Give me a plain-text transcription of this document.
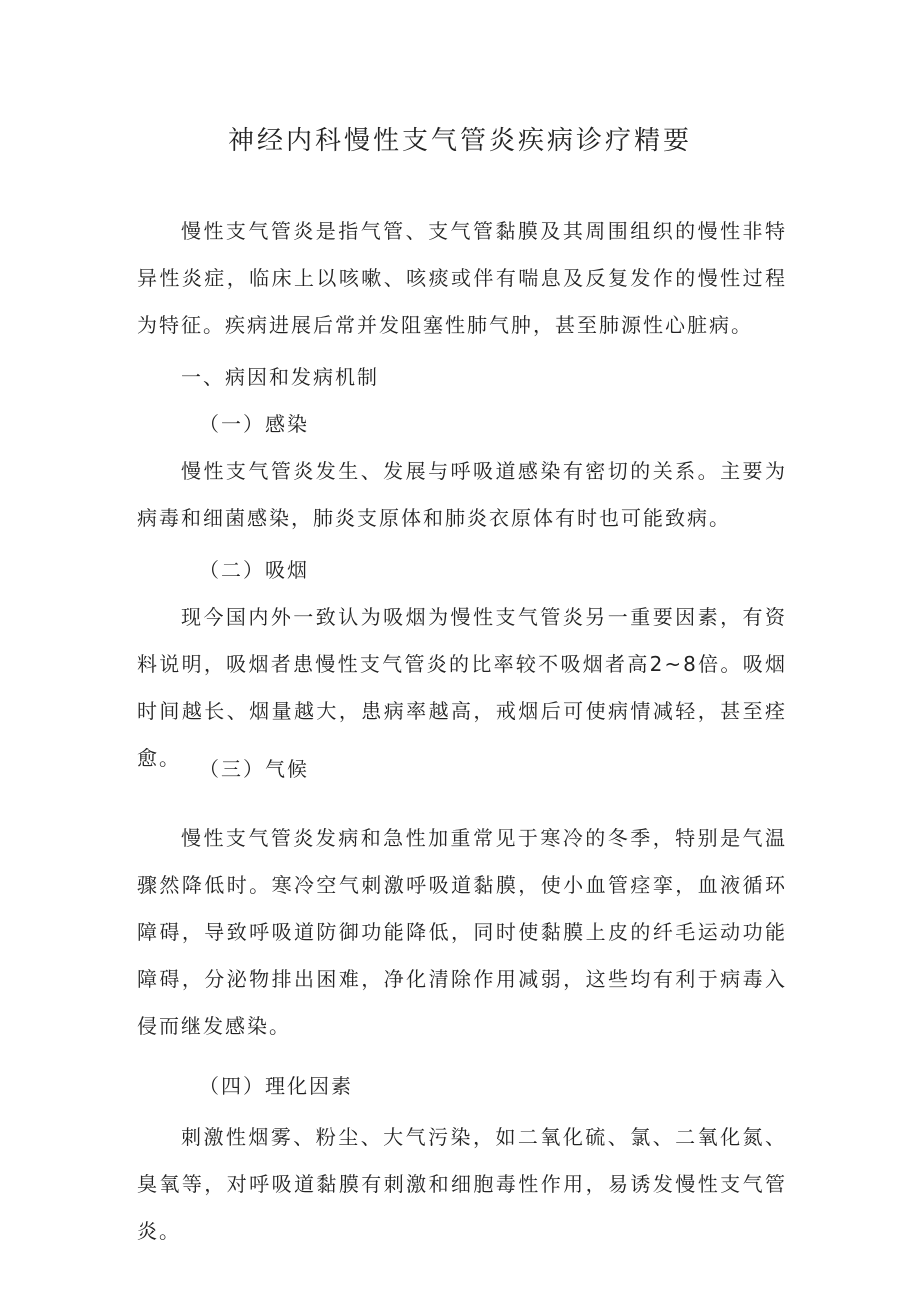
神经内科慢性支气管炎疾病诊疗精要

慢性支气管炎是指气管、支气管黏膜及其周围组织的慢性非特异性炎症，临床上以咳嗽、咳痰或伴有喘息及反复发作的慢性过程为特征。疾病进展后常并发阻塞性肺气肿，甚至肺源性心脏病。

一、病因和发病机制

（一）感染

慢性支气管炎发生、发展与呼吸道感染有密切的关系。主要为病毒和细菌感染，肺炎支原体和肺炎衣原体有时也可能致病。

（二）吸烟

现今国内外一致认为吸烟为慢性支气管炎另一重要因素，有资料说明，吸烟者患慢性支气管炎的比率较不吸烟者高2~8倍。吸烟时间越长、烟量越大，患病率越高，戒烟后可使病情减轻，甚至痊愈。 （三）气候

慢性支气管炎发病和急性加重常见于寒冷的冬季，特别是气温骤然降低时。寒冷空气刺激呼吸道黏膜，使小血管痉挛，血液循环障碍，导致呼吸道防御功能降低，同时使黏膜上皮的纤毛运动功能障碍，分泌物排出困难，净化清除作用减弱，这些均有利于病毒入侵而继发感染。

（四）理化因素

刺激性烟雾、粉尘、大气污染，如二氧化硫、氯、二氧化氮、臭氧等，对呼吸道黏膜有刺激和细胞毒性作用，易诱发慢性支气管炎。
